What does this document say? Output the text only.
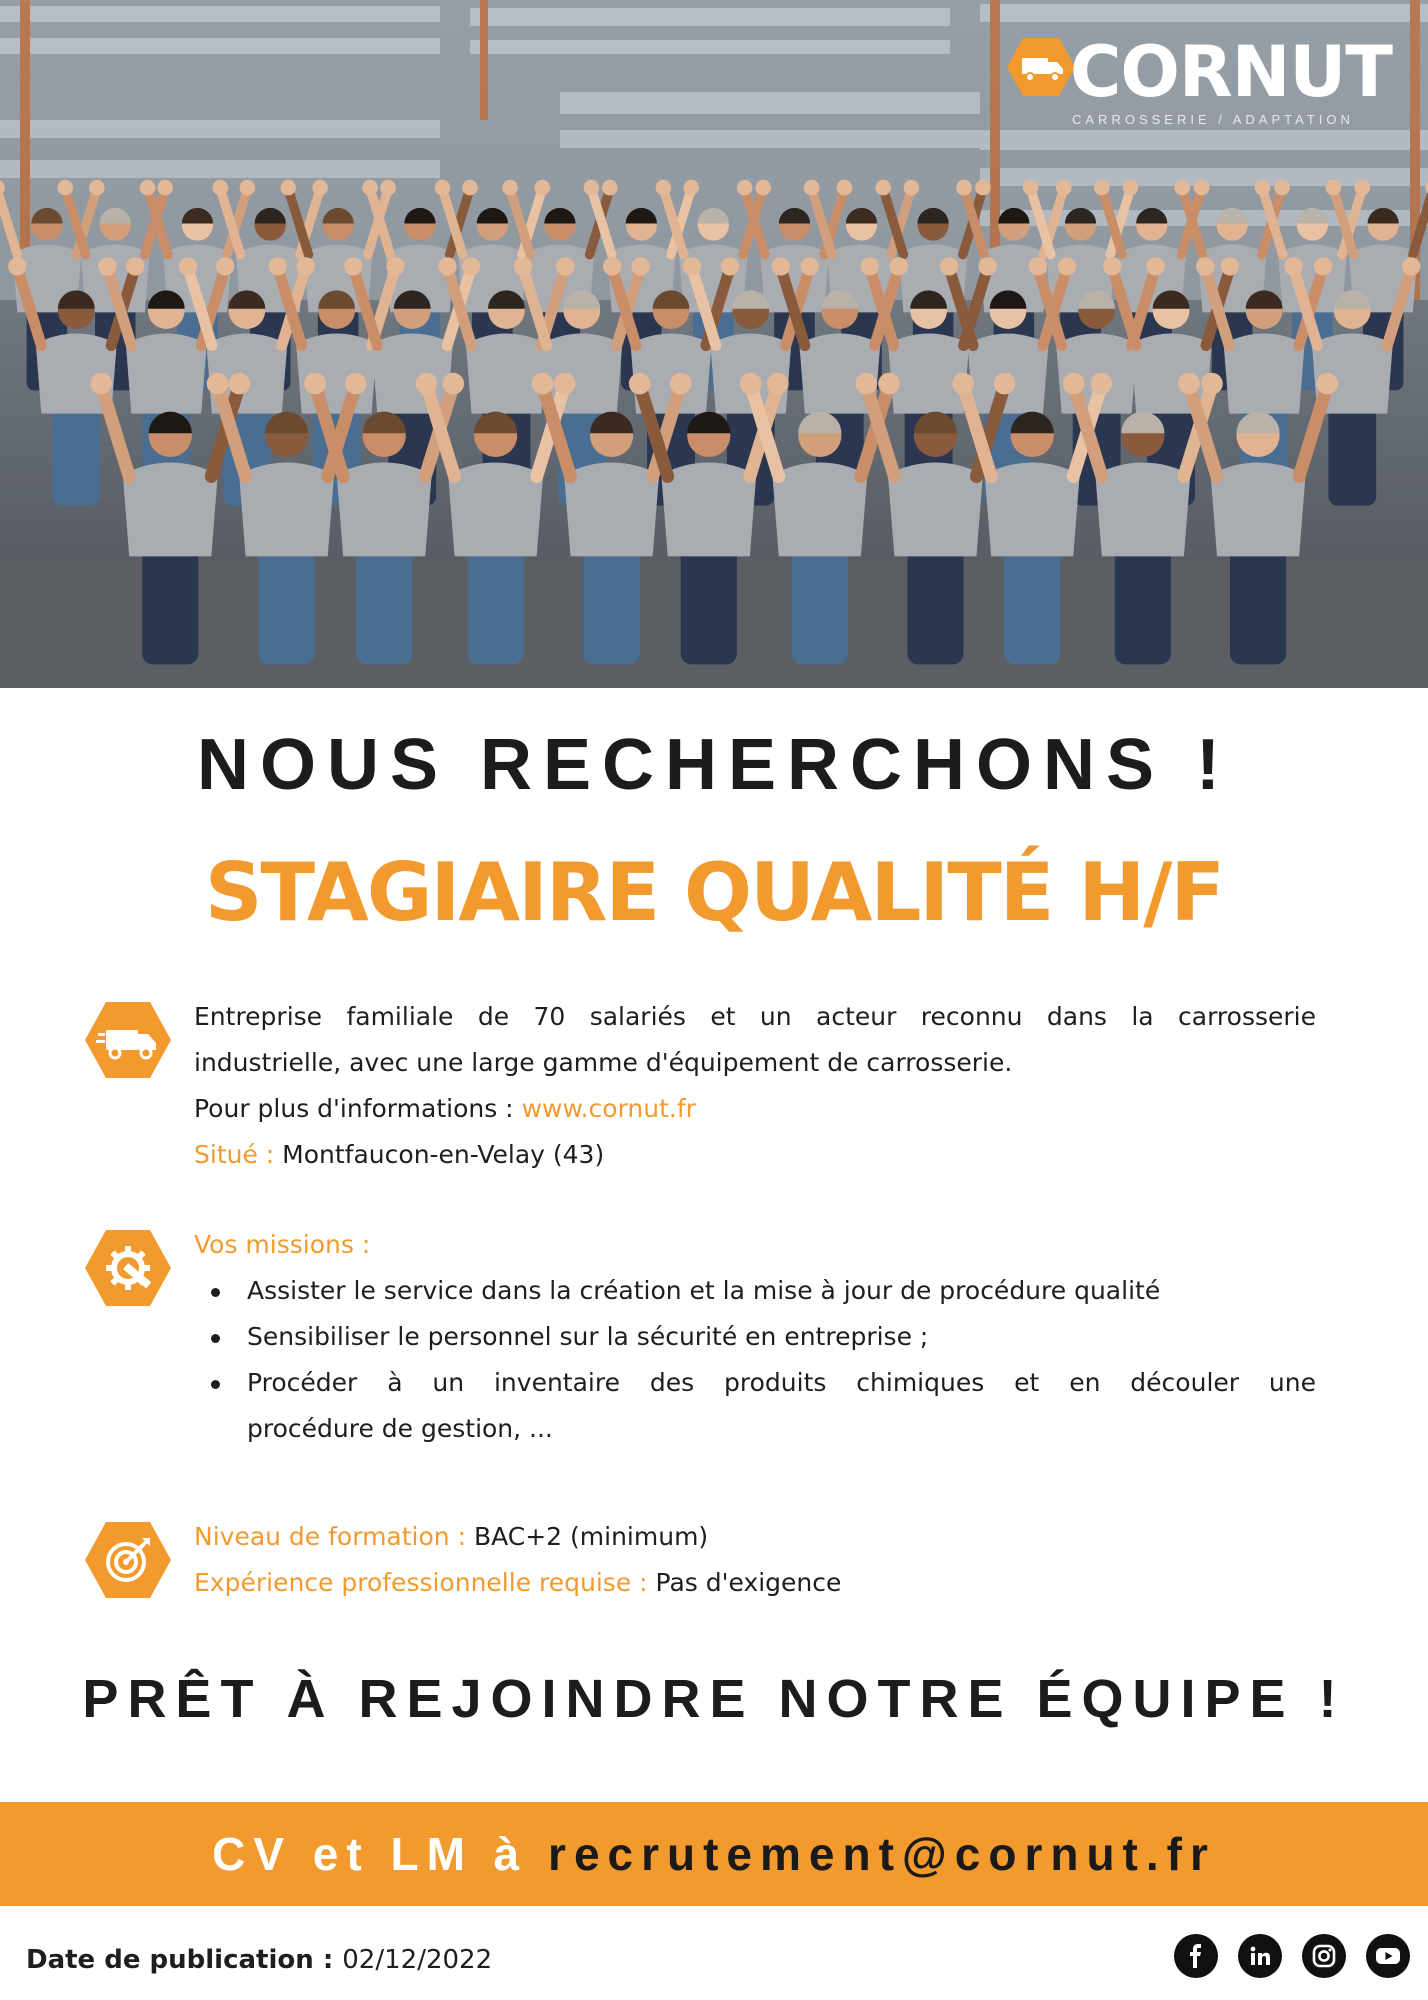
CORNUT
CARROSSERIE / ADAPTATION
NOUS RECHERCHONS !
STAGIAIRE QUALITÉ H/F
Entreprise familiale de 70 salariés et un acteur reconnu dans la carrosserie
industrielle, avec une large gamme d'équipement de carrosserie.
Pour plus d'informations : www.cornut.fr
Situé : Montfaucon-en-Velay (43)
Vos missions :
Assister le service dans la création et la mise à jour de procédure qualité
Sensibiliser le personnel sur la sécurité en entreprise ;
Procéder à un inventaire des produits chimiques et en découler une
procédure de gestion, ...
Niveau de formation : BAC+2 (minimum)
Expérience professionnelle requise : Pas d'exigence
PRÊT À REJOINDRE NOTRE ÉQUIPE !
CV et LM à recrutement@cornut.fr
Date de publication : 02/12/2022
